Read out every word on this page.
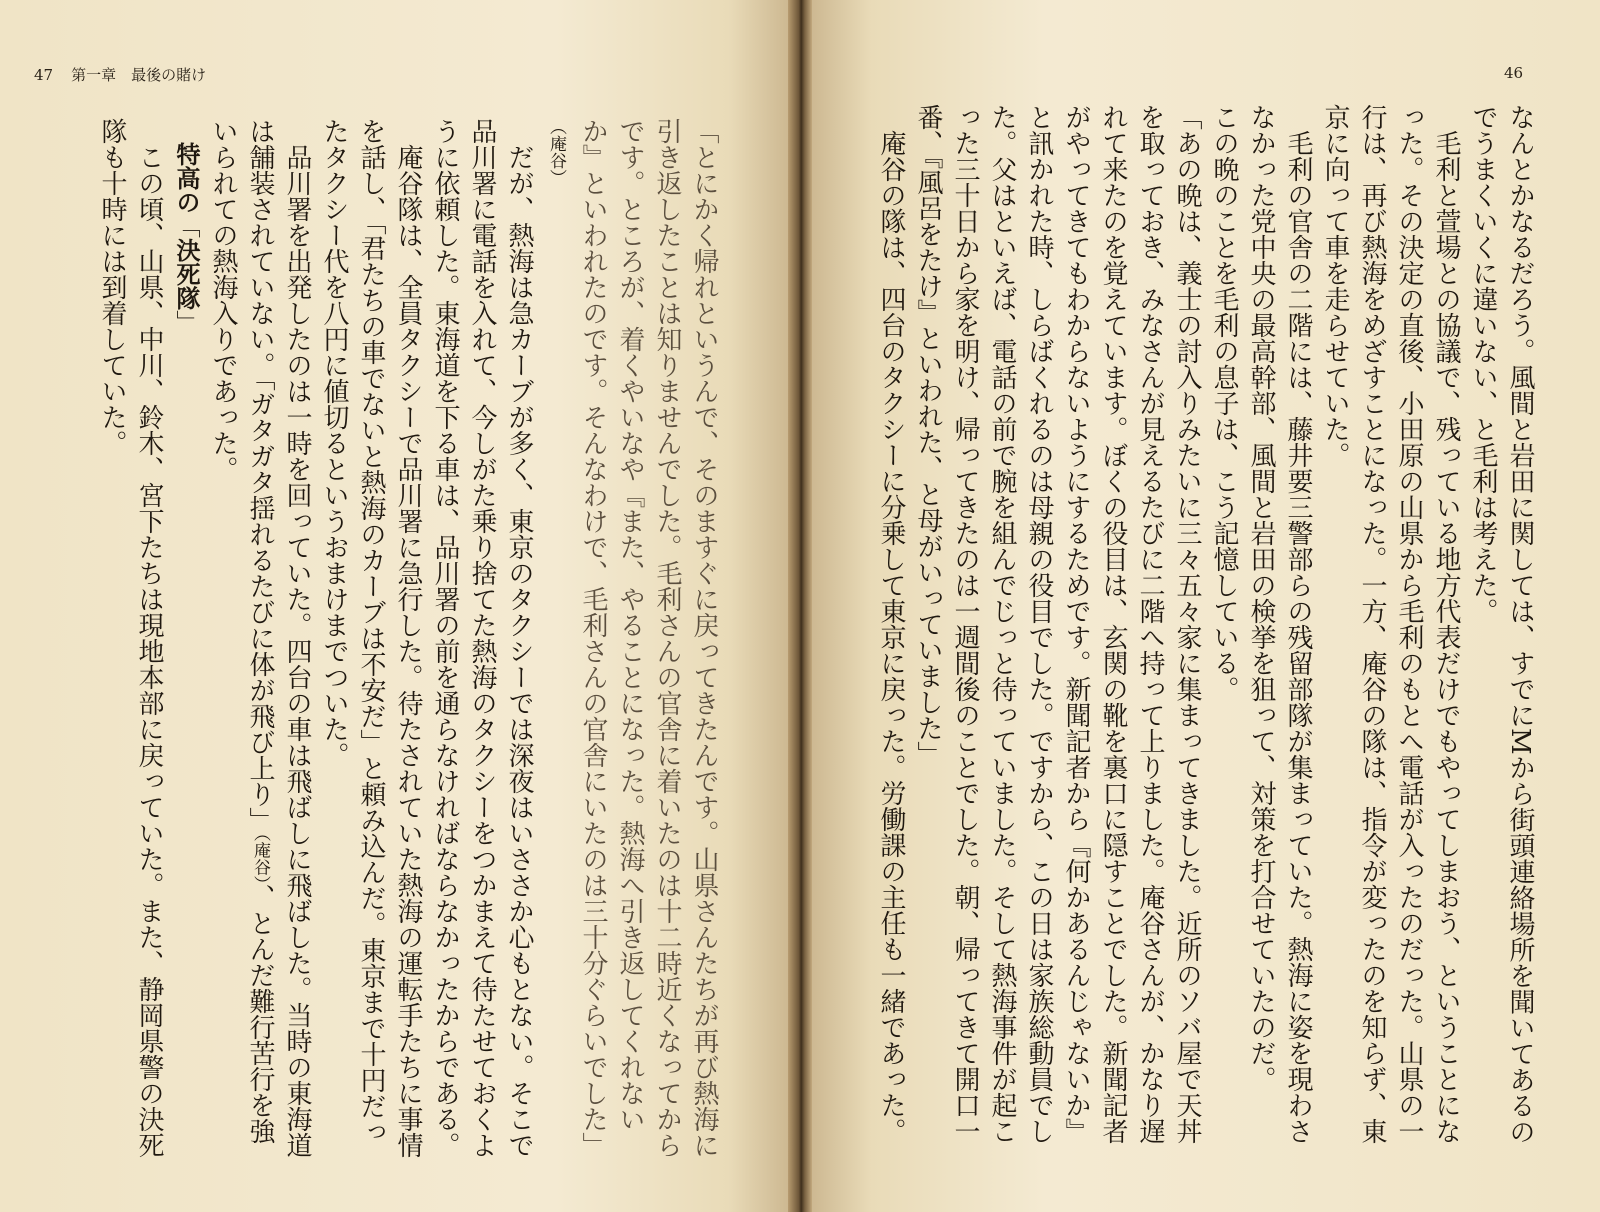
47 第一章　最後の賭け	46

なんとかなるだろう。風間と岩田に関しては、すでにMから街頭連絡場所を聞いてあるのでうまくいくに違いない、と毛利は考えた。

毛利と萱場との協議で、残っている地方代表だけでもやってしまおう、ということになった。その決定の直後、小田原の山県から毛利のもとへ電話が入ったのだった。山県の一行は、再び熱海をめざすことになった。一方、庵谷の隊は、指令が変ったのを知らず、東京に向って車を走らせていた。

毛利の官舎の二階には、藤井要三警部らの残留部隊が集まっていた。熱海に姿を現わさなかった党中央の最高幹部、風間と岩田の検挙を狙って、対策を打合せていたのだ。

この晩のことを毛利の息子は、こう記憶している。

「あの晩は、義士の討入りみたいに三々五々家に集まってきました。近所のソバ屋で天丼を取っておき、みなさんが見えるたびに二階へ持って上りました。庵谷さんが、かなり遅れて来たのを覚えています。ぼくの役目は、玄関の靴を裏口に隠すことでした。新聞記者がやってきてもわからないようにするためです。新聞記者から『何かあるんじゃないか』と訊かれた時、しらばくれるのは母親の役目でした。ですから、この日は家族総動員でした。父はといえば、電話の前で腕を組んでじっと待っていました。そして熱海事件が起こった三十日から家を明け、帰ってきたのは一週間後のことでした。朝、帰ってきて開口一番、『風呂をたけ』といわれた、と母がいっていました」

庵谷の隊は、四台のタクシーに分乗して東京に戻った。労働課の主任も一緒であった。

「とにかく帰れというんで、そのますぐに戻ってきたんです。山県さんたちが再び熱海に引き返したことは知りませんでした。毛利さんの官舎に着いたのは十二時近くなってからです。ところが、着くやいなや『また、やることになった。熱海へ引き返してくれないか』といわれたのです。そんなわけで、毛利さんの官舎にいたのは三十分ぐらいでした」（庵谷）

だが、熱海は急カーブが多く、東京のタクシーでは深夜はいささか心もとない。そこで品川署に電話を入れて、今しがた乗り捨てた熱海のタクシーをつかまえて待たせておくように依頼した。東海道を下る車は、品川署の前を通らなければならなかったからである。

庵谷隊は、全員タクシーで品川署に急行した。待たされていた熱海の運転手たちに事情を話し、「君たちの車でないと熱海のカーブは不安だ」と頼み込んだ。東京まで十円だったタクシー代を八円に値切るというおまけまでついた。

品川署を出発したのは一時を回っていた。四台の車は飛ばしに飛ばした。当時の東海道は舗装されていない。「ガタガタ揺れるたびに体が飛び上り」（庵谷）、とんだ難行苦行を強いられての熱海入りであった。

　特高の「決死隊」

この頃、山県、中川、鈴木、宮下たちは現地本部に戻っていた。また、静岡県警の決死隊も十時には到着していた。
